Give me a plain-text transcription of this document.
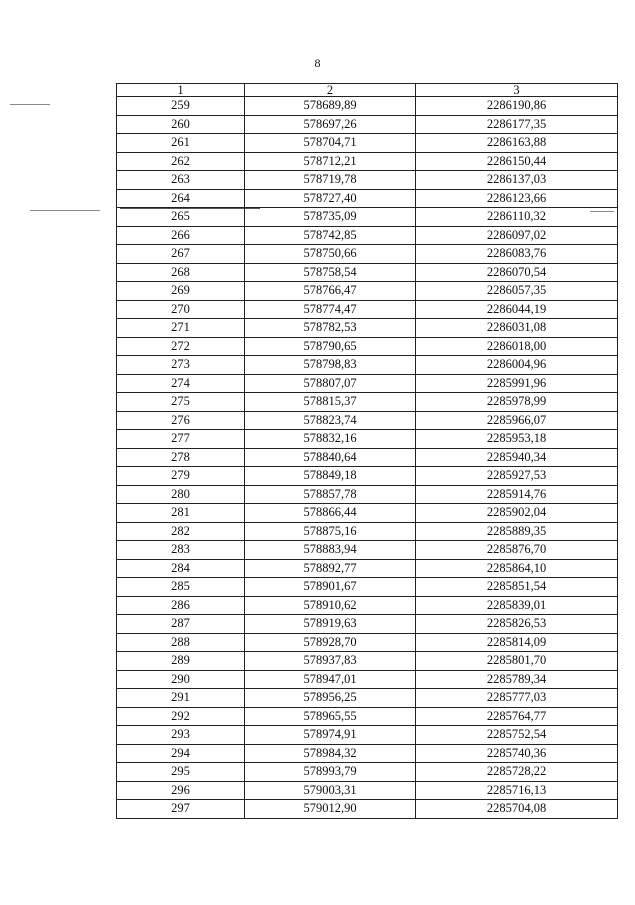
8
1	2	3
259	578689,89	2286190,86
260	578697,26	2286177,35
261	578704,71	2286163,88
262	578712,21	2286150,44
263	578719,78	2286137,03
264	578727,40	2286123,66
265	578735,09	2286110,32
266	578742,85	2286097,02
267	578750,66	2286083,76
268	578758,54	2286070,54
269	578766,47	2286057,35
270	578774,47	2286044,19
271	578782,53	2286031,08
272	578790,65	2286018,00
273	578798,83	2286004,96
274	578807,07	2285991,96
275	578815,37	2285978,99
276	578823,74	2285966,07
277	578832,16	2285953,18
278	578840,64	2285940,34
279	578849,18	2285927,53
280	578857,78	2285914,76
281	578866,44	2285902,04
282	578875,16	2285889,35
283	578883,94	2285876,70
284	578892,77	2285864,10
285	578901,67	2285851,54
286	578910,62	2285839,01
287	578919,63	2285826,53
288	578928,70	2285814,09
289	578937,83	2285801,70
290	578947,01	2285789,34
291	578956,25	2285777,03
292	578965,55	2285764,77
293	578974,91	2285752,54
294	578984,32	2285740,36
295	578993,79	2285728,22
296	579003,31	2285716,13
297	579012,90	2285704,08
